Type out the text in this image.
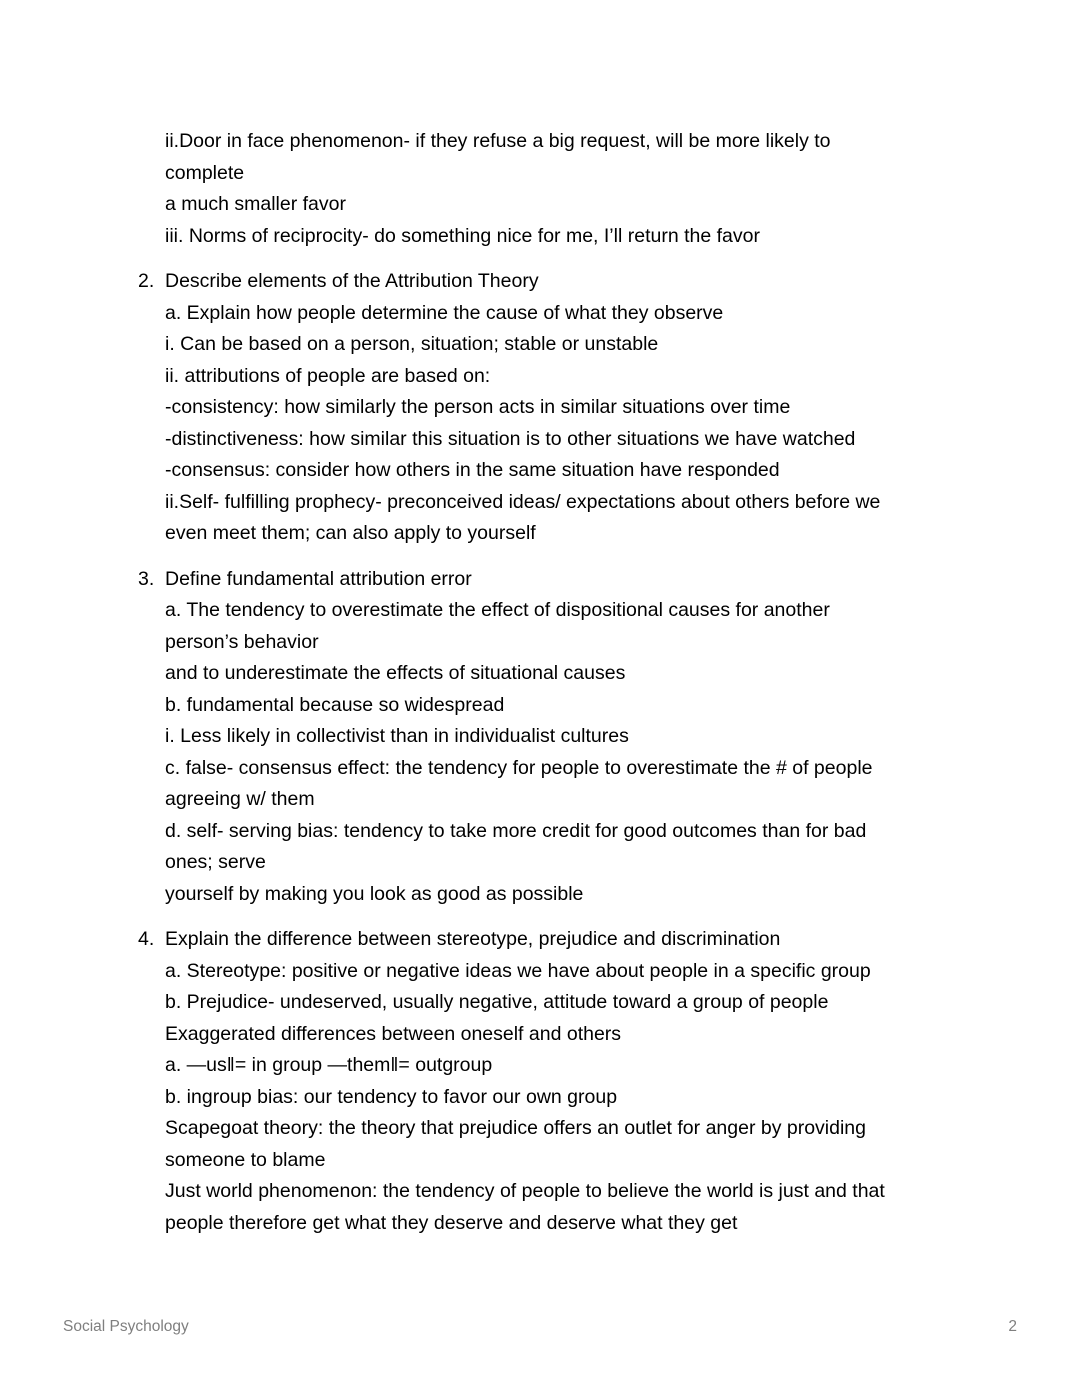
ii.Door in face phenomenon- if they refuse a big request, will be more likely to
complete
a much smaller favor
iii. Norms of reciprocity- do something nice for me, I’ll return the favor
2. Describe elements of the Attribution Theory
a. Explain how people determine the cause of what they observe
i. Can be based on a person, situation; stable or unstable
ii. attributions of people are based on:
-consistency: how similarly the person acts in similar situations over time
-distinctiveness: how similar this situation is to other situations we have watched
-consensus: consider how others in the same situation have responded
ii.Self- fulfilling prophecy- preconceived ideas/ expectations about others before we
even meet them; can also apply to yourself
3. Define fundamental attribution error
a. The tendency to overestimate the effect of dispositional causes for another
person’s behavior
and to underestimate the effects of situational causes
b. fundamental because so widespread
i. Less likely in collectivist than in individualist cultures
c. false- consensus effect: the tendency for people to overestimate the # of people
agreeing w/ them
d. self- serving bias: tendency to take more credit for good outcomes than for bad
ones; serve
yourself by making you look as good as possible
4. Explain the difference between stereotype, prejudice and discrimination
a. Stereotype: positive or negative ideas we have about people in a specific group
b. Prejudice- undeserved, usually negative, attitude toward a group of people
Exaggerated differences between oneself and others
a. —us‖= in group —them‖= outgroup
b. ingroup bias: our tendency to favor our own group
Scapegoat theory: the theory that prejudice offers an outlet for anger by providing
someone to blame
Just world phenomenon: the tendency of people to believe the world is just and that
people therefore get what they deserve and deserve what they get
Social Psychology	2
